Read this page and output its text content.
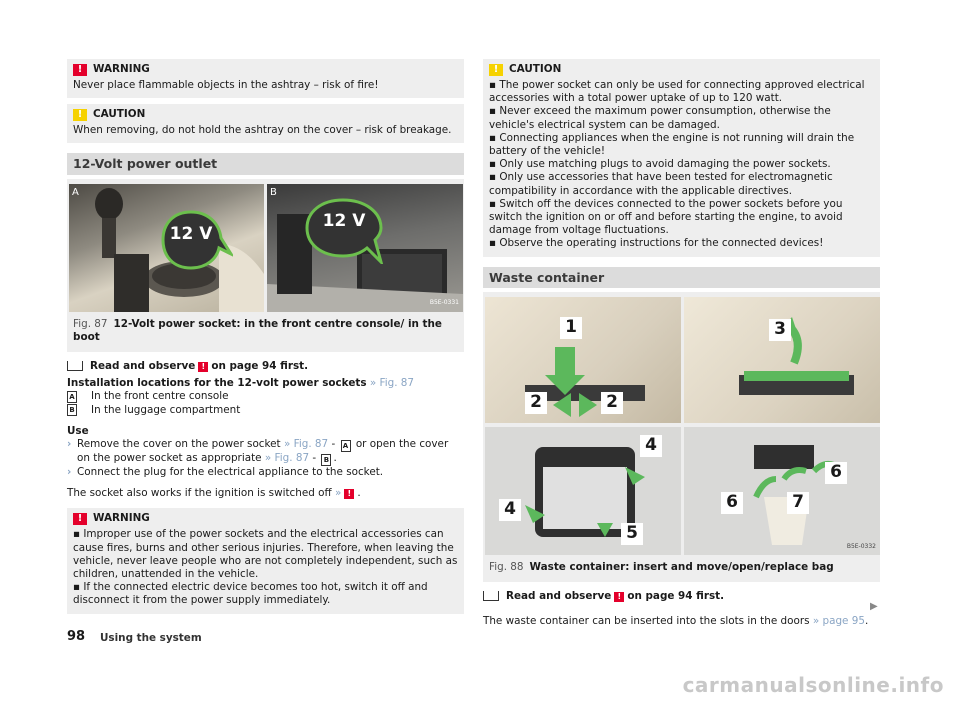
!	WARNING

Never place flammable objects in the ashtray – risk of fire!

!	CAUTION

When removing, do not hold the ashtray on the cover – risk of breakage.

12-Volt power outlet
A	B
B5E-0331
12 V
12 V
Fig. 87 12-Volt power socket: in the front centre console/ in the boot
Read and observe ! on page 94 first.
Installation locations for the 12-volt power sockets » Fig. 87
A In the front centre console
B In the luggage compartment
Use
› Remove the cover on the power socket » Fig. 87 - A or open the cover on the power socket as appropriate » Fig. 87 - B .
› Connect the plug for the electrical appliance to the socket.
The socket also works if the ignition is switched off » ! .
!	WARNING

▪ Improper use of the power sockets and the electrical accessories can cause fires, burns and other serious injuries. Therefore, when leaving the vehicle, never leave people who are not completely independent, such as children, unattended in the vehicle.

▪ If the connected electric device becomes too hot, switch it off and disconnect it from the power supply immediately.

!	CAUTION

▪ The power socket can only be used for connecting approved electrical accessories with a total power uptake of up to 120 watt.

▪ Never exceed the maximum power consumption, otherwise the vehicle's electrical system can be damaged.

▪ Connecting appliances when the engine is not running will drain the battery of the vehicle!

▪ Only use matching plugs to avoid damaging the power sockets.

▪ Only use accessories that have been tested for electromagnetic compatibility in accordance with the applicable directives.

▪ Switch off the devices connected to the power sockets before you switch the ignition on or off and before starting the engine, to avoid damage from voltage fluctuations.

▪ Observe the operating instructions for the connected devices!

Waste container
B5E-0332
1
2	2
3
4
4
5
6
6
7
Fig. 88 Waste container: insert and move/open/replace bag
Read and observe ! on page 94 first.
The waste container can be inserted into the slots in the doors » page 95.
▶
98 Using the system
carmanualsonline.info
